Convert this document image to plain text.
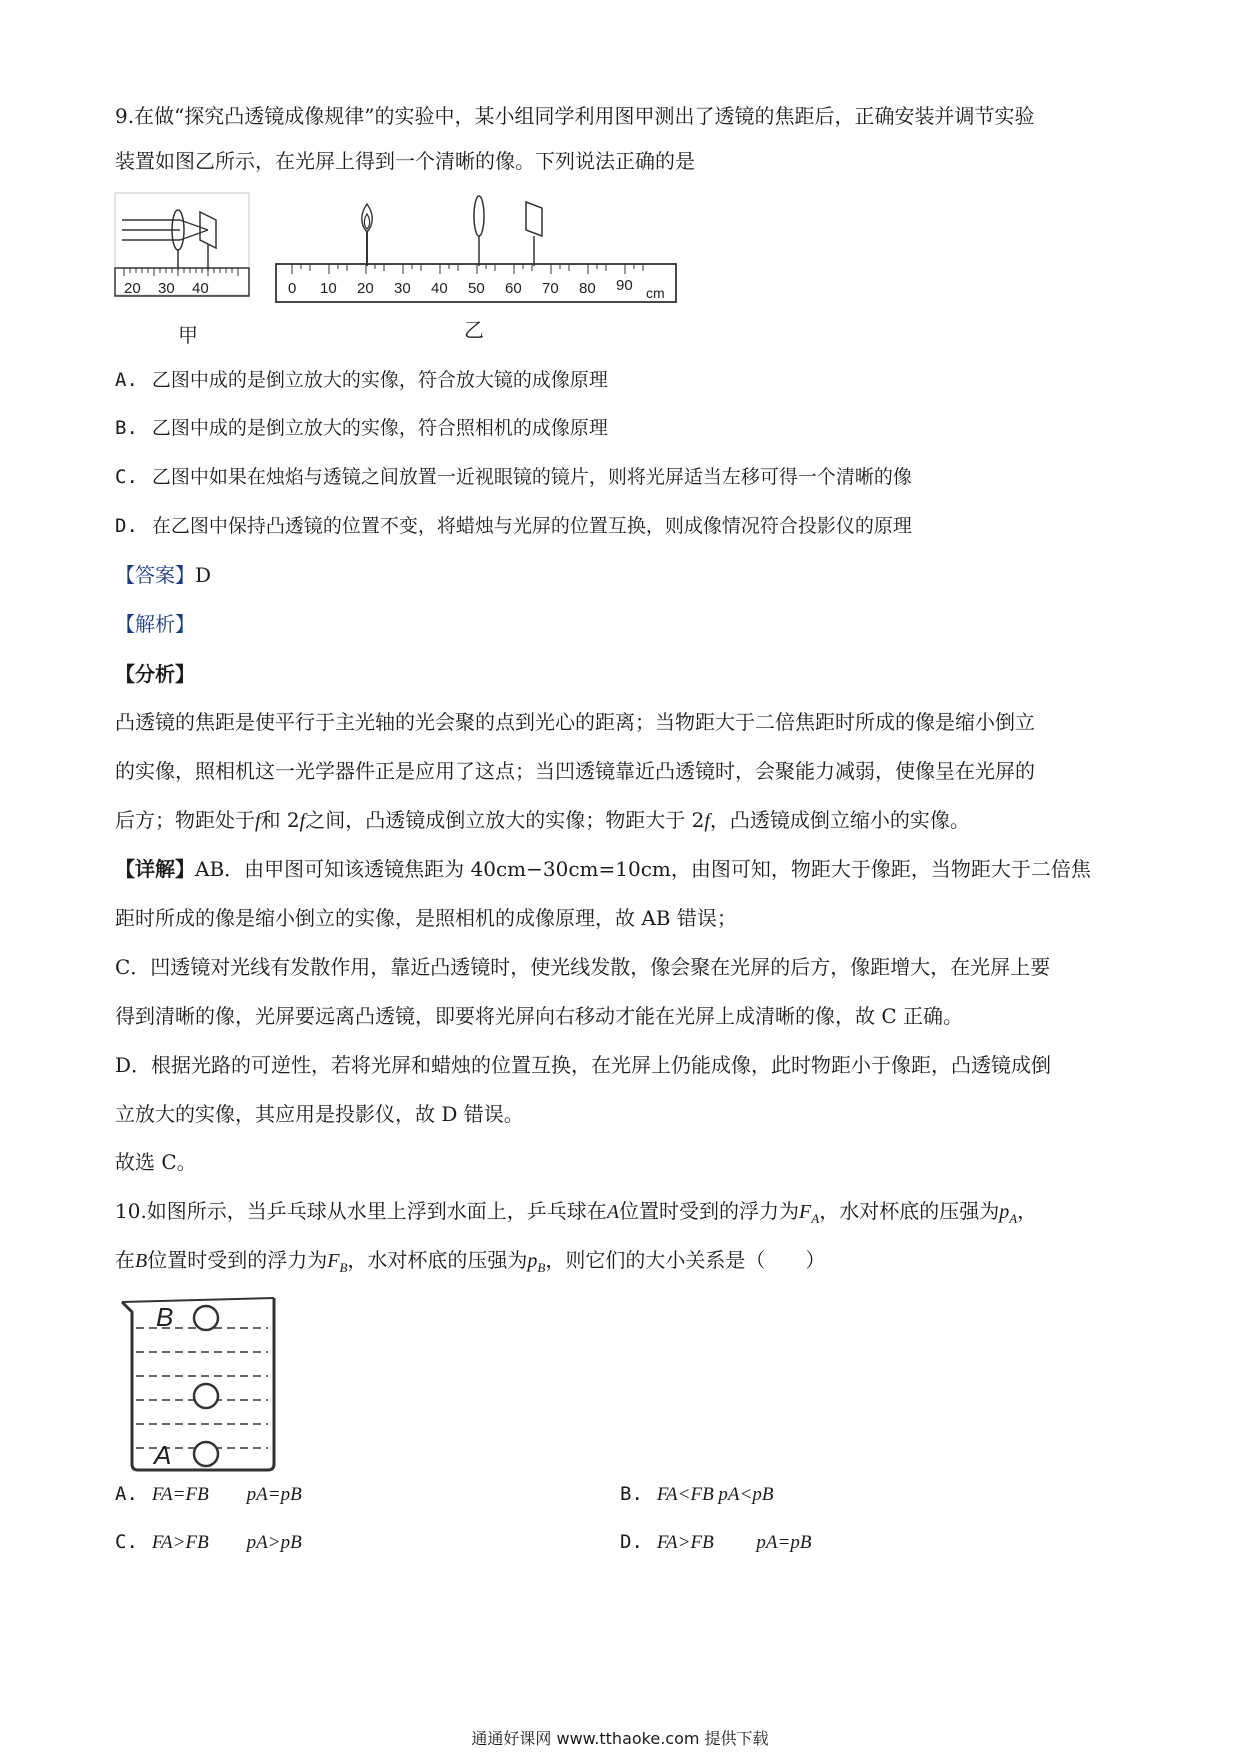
9.在做“探究凸透镜成像规律”的实验中，某小组同学利用图甲测出了透镜的焦距后，正确安装并调节实验
装置如图乙所示，在光屏上得到一个清晰的像。下列说法正确的是
20 30 40
甲
0 10 20 30 40 50 60 70 80 90 cm
乙
A. 乙图中成的是倒立放大的实像，符合放大镜的成像原理
B. 乙图中成的是倒立放大的实像，符合照相机的成像原理
C. 乙图中如果在烛焰与透镜之间放置一近视眼镜的镜片，则将光屏适当左移可得一个清晰的像
D. 在乙图中保持凸透镜的位置不变，将蜡烛与光屏的位置互换，则成像情况符合投影仪的原理
【答案】D
【解析】
【分析】
凸透镜的焦距是使平行于主光轴的光会聚的点到光心的距离；当物距大于二倍焦距时所成的像是缩小倒立
的实像，照相机这一光学器件正是应用了这点；当凹透镜靠近凸透镜时，会聚能力减弱，使像呈在光屏的
后方；物距处于f和 2f之间，凸透镜成倒立放大的实像；物距大于 2f，凸透镜成倒立缩小的实像。
【详解】AB．由甲图可知该透镜焦距为 40cm−30cm=10cm，由图可知，物距大于像距，当物距大于二倍焦
距时所成的像是缩小倒立的实像，是照相机的成像原理，故 AB 错误；
C．凹透镜对光线有发散作用，靠近凸透镜时，使光线发散，像会聚在光屏的后方，像距增大，在光屏上要
得到清晰的像，光屏要远离凸透镜，即要将光屏向右移动才能在光屏上成清晰的像，故 C 正确。
D．根据光路的可逆性，若将光屏和蜡烛的位置互换，在光屏上仍能成像，此时物距小于像距，凸透镜成倒
立放大的实像，其应用是投影仪，故 D 错误。
故选 C。
10.如图所示，当乒乓球从水里上浮到水面上，乒乓球在A位置时受到的浮力为$F_A$，水对杯底的压强为$p_A$，
在B位置时受到的浮力为$F_B$，水对杯底的压强为$p_B$，则它们的大小关系是（　　）
B
A
A. FA=FB　　pA=pB	B. FA<FB pA<pB
C. FA>FB　　pA>pB	D. FA>FB　　 pA=pB
通通好课网 www.tthaoke.com 提供下载
